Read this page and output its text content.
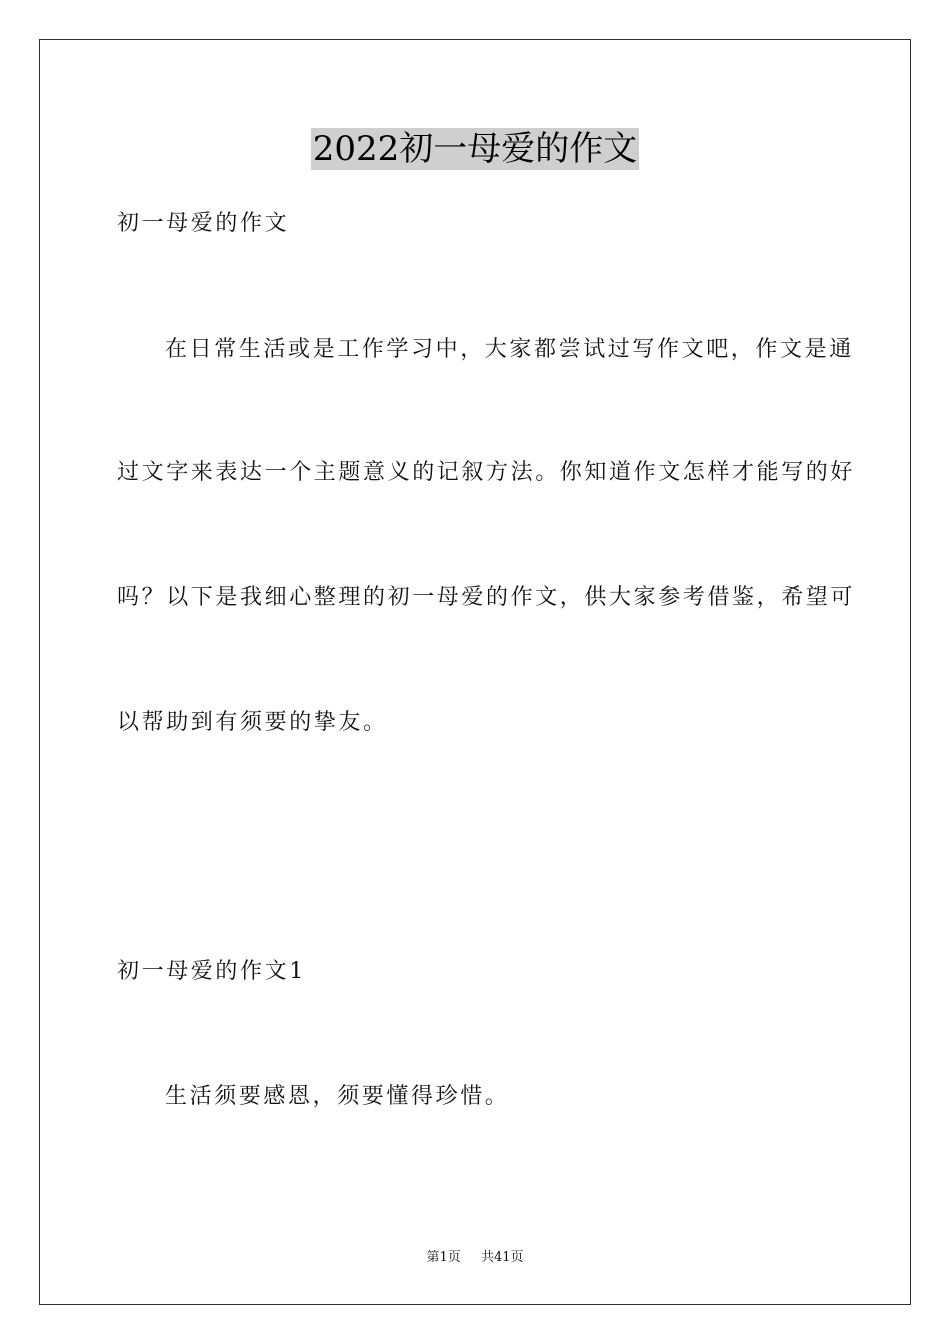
2022初一母爱的作文
初一母爱的作文
在日常生活或是工作学习中，大家都尝试过写作文吧，作文是通
过文字来表达一个主题意义的记叙方法。你知道作文怎样才能写的好
吗？以下是我细心整理的初一母爱的作文，供大家参考借鉴，希望可
以帮助到有须要的挚友。
初一母爱的作文1
生活须要感恩，须要懂得珍惜。
第1页 共41页
